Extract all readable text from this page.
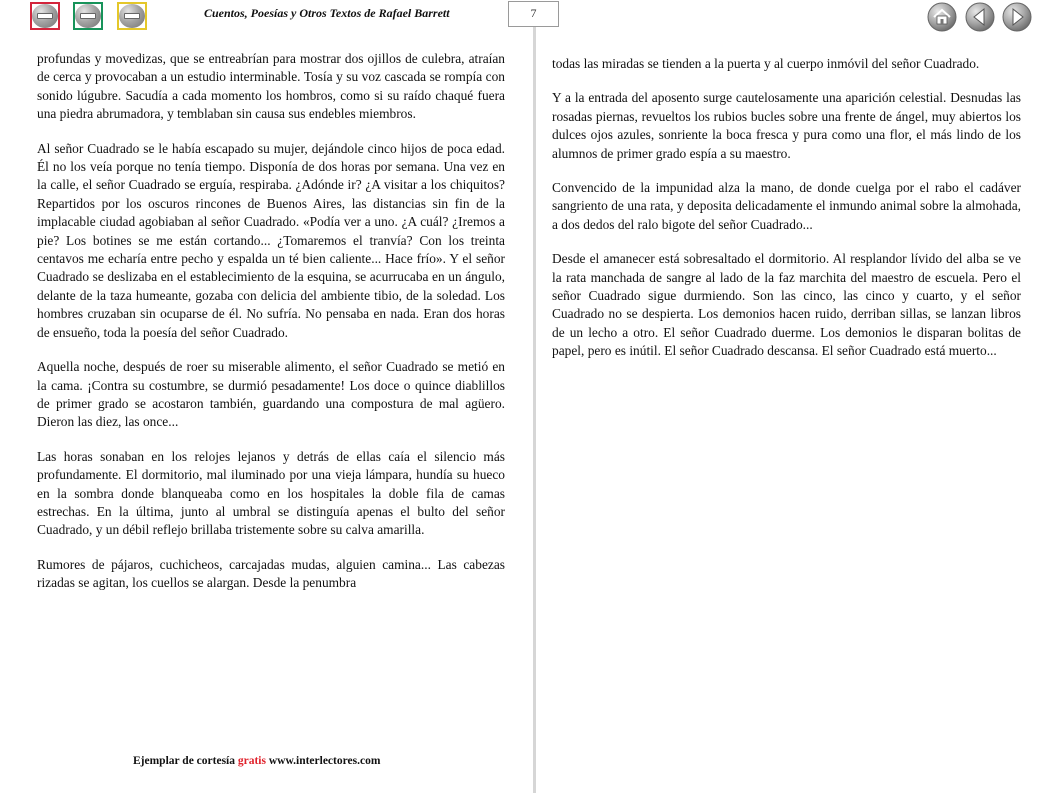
Cuentos, Poesías y Otros Textos de Rafael Barrett	7

profundas y movedizas, que se entreabrían para mostrar dos ojillos de culebra, atraían de cerca y provocaban a un estudio interminable. Tosía y su voz cascada se rompía con sonido lúgubre. Sacudía a cada momento los hombros, como si su raído chaqué fuera una piedra abrumadora, y temblaban sin causa sus endebles miembros.

Al señor Cuadrado se le había escapado su mujer, dejándole cinco hijos de poca edad. Él no los veía porque no tenía tiempo. Disponía de dos horas por semana. Una vez en la calle, el señor Cuadrado se erguía, respiraba. ¿Adónde ir? ¿A visitar a los chiquitos? Repartidos por los oscuros rincones de Buenos Aires, las distancias sin fin de la implacable ciudad agobiaban al señor Cuadrado. «Podía ver a uno. ¿A cuál? ¿Iremos a pie? Los botines se me están cortando... ¿Tomaremos el tranvía? Con los treinta centavos me echaría entre pecho y espalda un té bien caliente... Hace frío». Y el señor Cuadrado se deslizaba en el establecimiento de la esquina, se acurrucaba en un ángulo, delante de la taza humeante, gozaba con delicia del ambiente tibio, de la soledad. Los hombres cruzaban sin ocuparse de él. No sufría. No pensaba en nada. Eran dos horas de ensueño, toda la poesía del señor Cuadrado.

Aquella noche, después de roer su miserable alimento, el señor Cuadrado se metió en la cama. ¡Contra su costumbre, se durmió pesadamente! Los doce o quince diablillos de primer grado se acostaron también, guardando una compostura de mal agüero. Dieron las diez, las once...

Las horas sonaban en los relojes lejanos y detrás de ellas caía el silencio más profundamente. El dormitorio, mal iluminado por una vieja lámpara, hundía su hueco en la sombra donde blanqueaba como en los hospitales la doble fila de camas estrechas. En la última, junto al umbral se distinguía apenas el bulto del señor Cuadrado, y un débil reflejo brillaba tristemente sobre su calva amarilla.

Rumores de pájaros, cuchicheos, carcajadas mudas, alguien camina... Las cabezas rizadas se agitan, los cuellos se alargan. Desde la penumbra

todas las miradas se tienden a la puerta y al cuerpo inmóvil del señor Cuadrado.

Y a la entrada del aposento surge cautelosamente una aparición celestial. Desnudas las rosadas piernas, revueltos los rubios bucles sobre una frente de ángel, muy abiertos los dulces ojos azules, sonriente la boca fresca y pura como una flor, el más lindo de los alumnos de primer grado espía a su maestro.

Convencido de la impunidad alza la mano, de donde cuelga por el rabo el cadáver sangriento de una rata, y deposita delicadamente el inmundo animal sobre la almohada, a dos dedos del ralo bigote del señor Cuadrado...

Desde el amanecer está sobresaltado el dormitorio. Al resplandor lívido del alba se ve la rata manchada de sangre al lado de la faz marchita del maestro de escuela. Pero el señor Cuadrado sigue durmiendo. Son las cinco, las cinco y cuarto, y el señor Cuadrado no se despierta. Los demonios hacen ruido, derriban sillas, se lanzan libros de un lecho a otro. El señor Cuadrado duerme. Los demonios le disparan bolitas de papel, pero es inútil. El señor Cuadrado descansa. El señor Cuadrado está muerto...

Ejemplar de cortesía gratis www.interlectores.com
